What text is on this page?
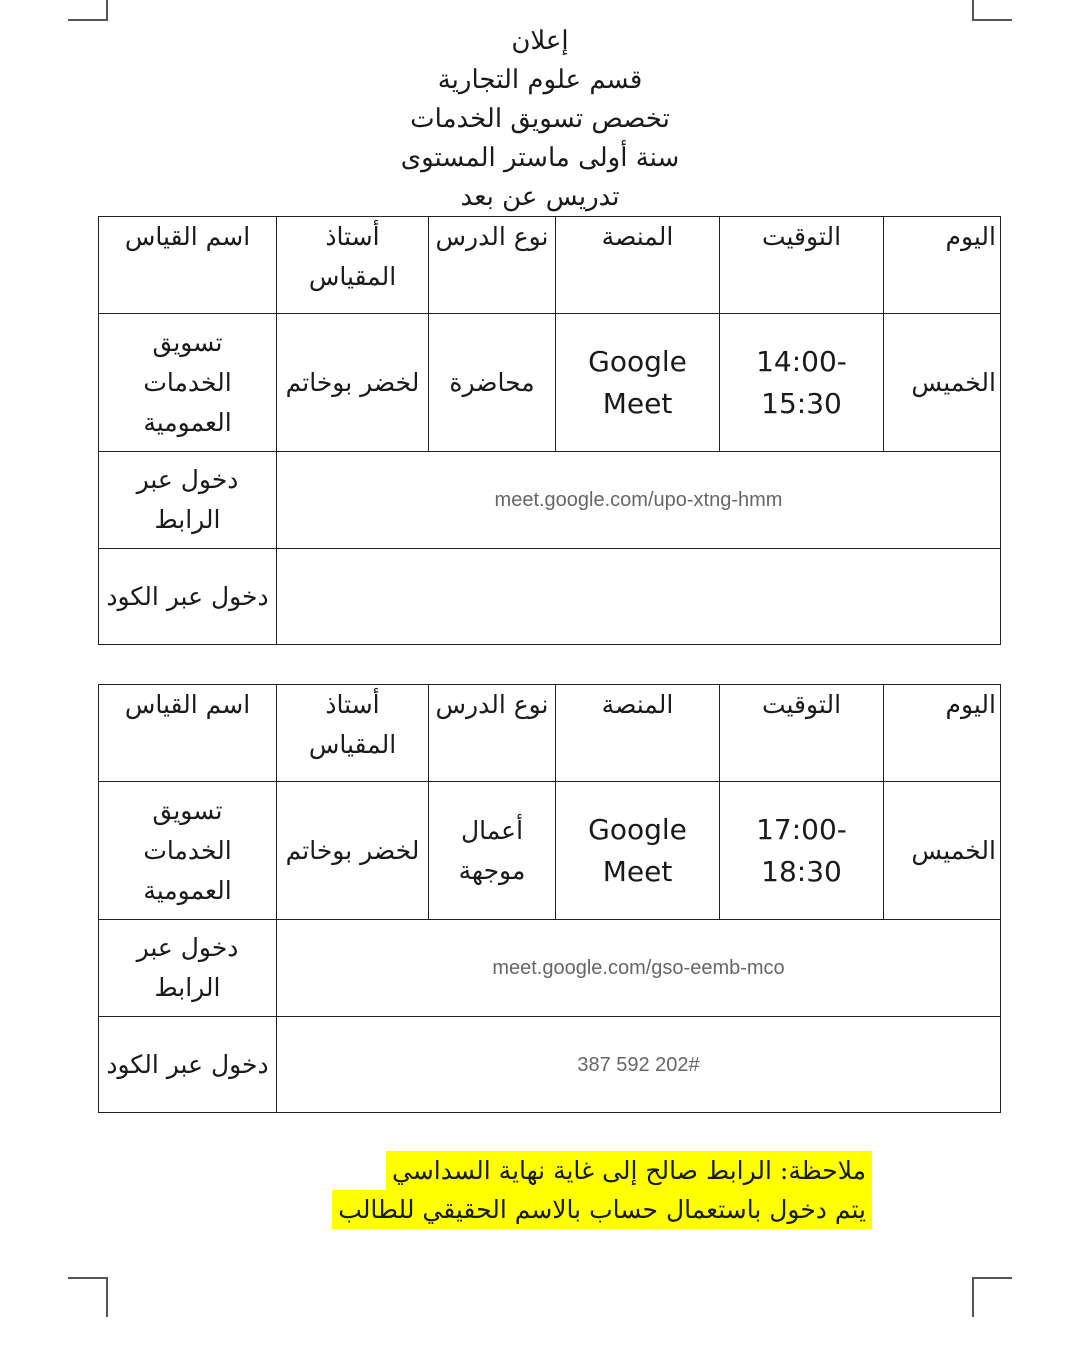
إعلان
قسم علوم التجارية
تخصص تسويق الخدمات
سنة أولى ماستر المستوى
تدريس عن بعد
اليوم	التوقيت	المنصة	نوع الدرس	أستاذ المقياس	اسم القياس
الخميس	14:00-15:30	Google Meet	محاضرة	لخضر بوخاتم	تسويق الخدمات العمومية
meet.google.com/upo-xtng-hmm					دخول عبر الرابط
					دخول عبر الكود
اليوم	التوقيت	المنصة	نوع الدرس	أستاذ المقياس	اسم القياس
الخميس	17:00-18:30	Google Meet	أعمال موجهة	لخضر بوخاتم	تسويق الخدمات العمومية
meet.google.com/gso-eemb-mco					دخول عبر الرابط
387 592 202#					دخول عبر الكود
ملاحظة: الرابط صالح إلى غاية نهاية السداسي
يتم دخول باستعمال حساب بالاسم الحقيقي للطالب
